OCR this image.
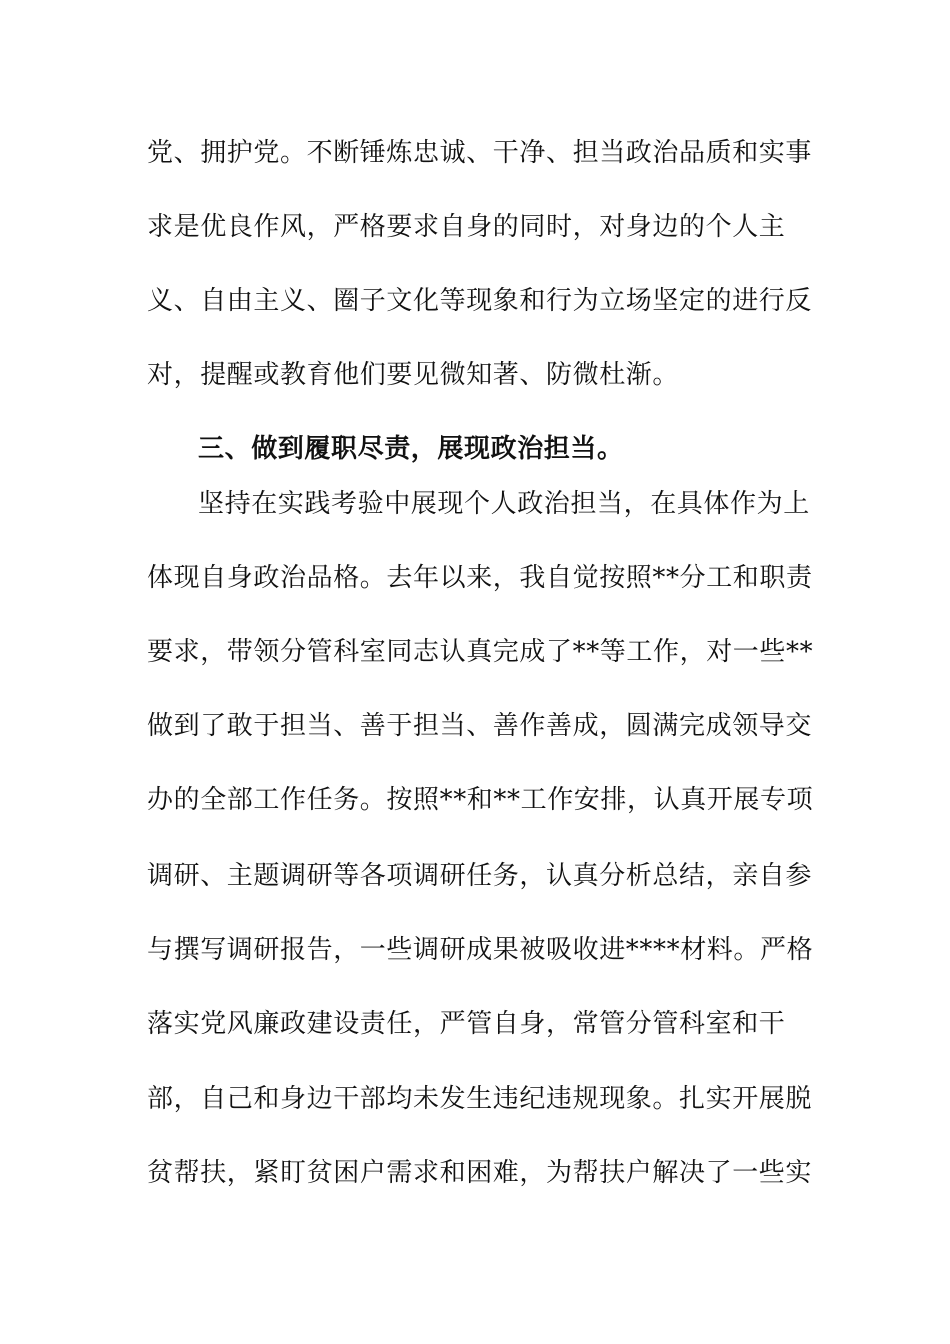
党、拥护党。不断锤炼忠诚、干净、担当政治品质和实事
求是优良作风，严格要求自身的同时，对身边的个人主
义、自由主义、圈子文化等现象和行为立场坚定的进行反
对，提醒或教育他们要见微知著、防微杜渐。
三、做到履职尽责，展现政治担当。
坚持在实践考验中展现个人政治担当，在具体作为上
体现自身政治品格。去年以来，我自觉按照**分工和职责
要求，带领分管科室同志认真完成了**等工作，对一些**
做到了敢于担当、善于担当、善作善成，圆满完成领导交
办的全部工作任务。按照**和**工作安排，认真开展专项
调研、主题调研等各项调研任务，认真分析总结，亲自参
与撰写调研报告，一些调研成果被吸收进****材料。严格
落实党风廉政建设责任，严管自身，常管分管科室和干
部，自己和身边干部均未发生违纪违规现象。扎实开展脱
贫帮扶，紧盯贫困户需求和困难，为帮扶户解决了一些实
